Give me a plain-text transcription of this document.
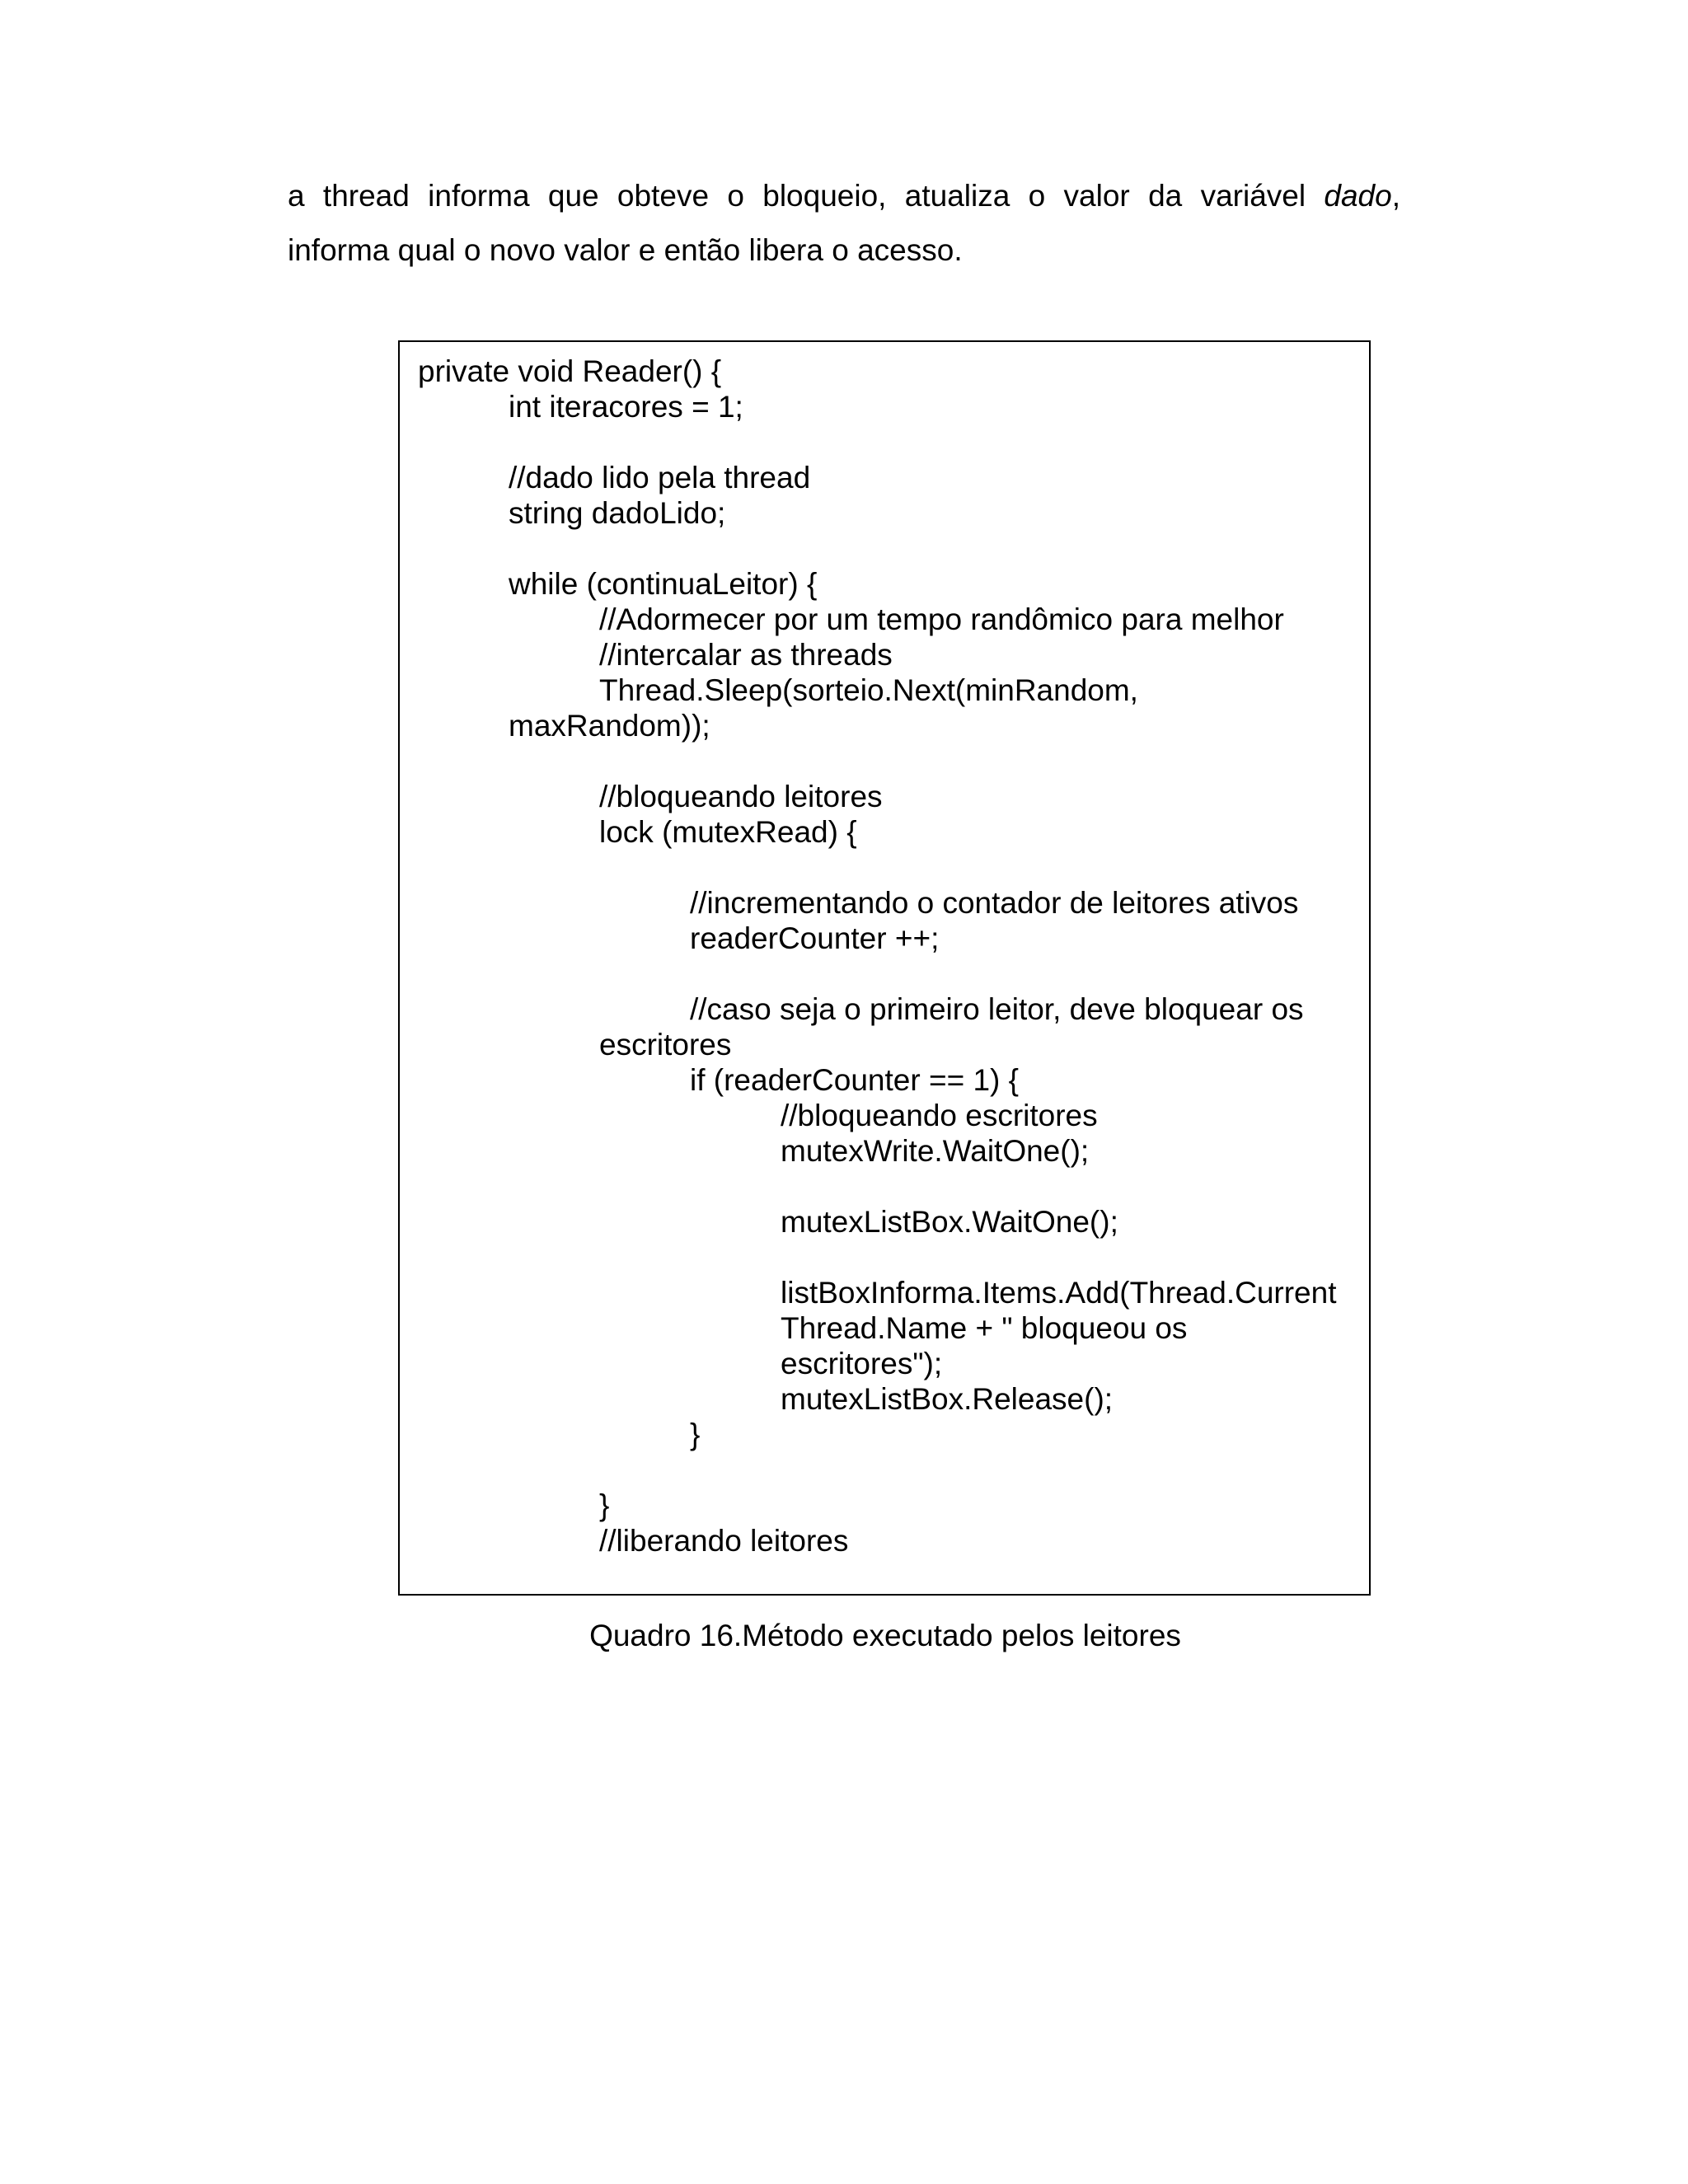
a thread informa que obteve o bloqueio, atualiza o valor da variável dado,
informa qual o novo valor e então libera o acesso.

private void Reader() {
int iteracores = 1;
//dado lido pela thread
string dadoLido;
while (continuaLeitor) {
//Adormecer por um tempo randômico para melhor
//intercalar as threads
Thread.Sleep(sorteio.Next(minRandom,
maxRandom));
//bloqueando leitores
lock (mutexRead) {
//incrementando o contador de leitores ativos
readerCounter ++;
//caso seja o primeiro leitor, deve bloquear os
escritores
if (readerCounter == 1) {
//bloqueando escritores
mutexWrite.WaitOne();
mutexListBox.WaitOne();
listBoxInforma.Items.Add(Thread.Current
Thread.Name + " bloqueou os
escritores");
mutexListBox.Release();
}
}
//liberando leitores
Quadro 16.Método executado pelos leitores
